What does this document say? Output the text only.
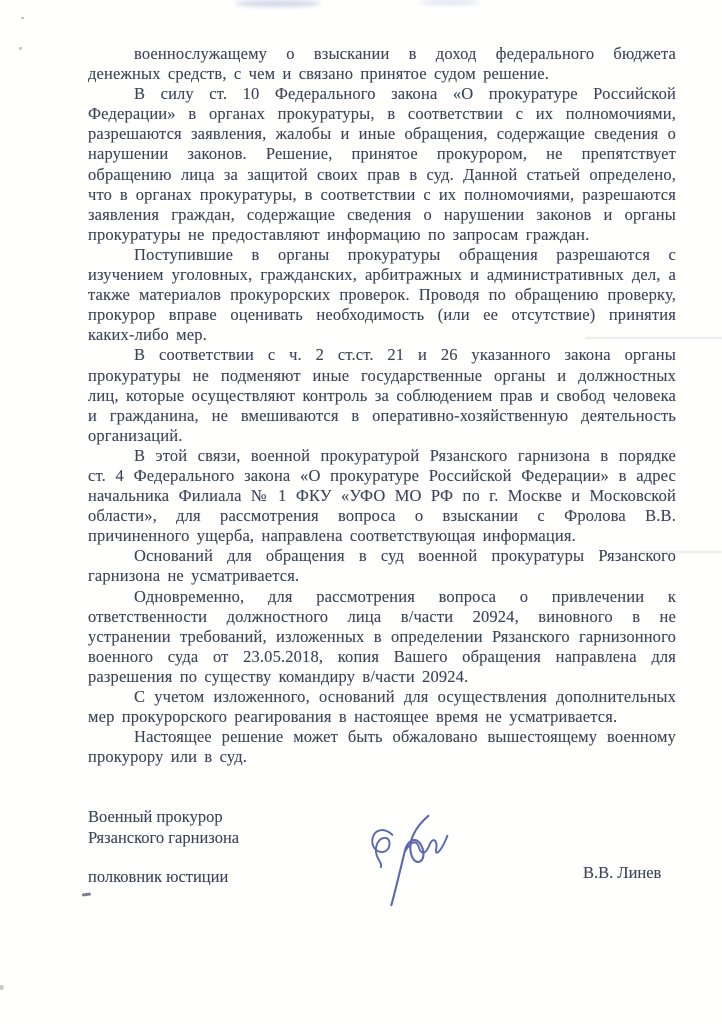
военнослужащему о взыскании в доход федерального бюджета денежных средств, с чем и связано принятое судом решение.

В силу ст. 10 Федерального закона «О прокуратуре Российской Федерации» в органах прокуратуры, в соответствии с их полномочиями, разрешаются заявления, жалобы и иные обращения, содержащие сведения о нарушении законов. Решение, принятое прокурором, не препятствует обращению лица за защитой своих прав в суд. Данной статьей определено, что в органах прокуратуры, в соответствии с их полномочиями, разрешаются заявления граждан, содержащие сведения о нарушении законов и органы прокуратуры не предоставляют информацию по запросам граждан.

Поступившие в органы прокуратуры обращения разрешаются с изучением уголовных, гражданских, арбитражных и административных дел, а также материалов прокурорских проверок. Проводя по обращению проверку, прокурор вправе оценивать необходимость (или ее отсутствие) принятия каких-либо мер.

В соответствии с ч. 2 ст.ст. 21 и 26 указанного закона органы прокуратуры не подменяют иные государственные органы и должностных лиц, которые осуществляют контроль за соблюдением прав и свобод человека и гражданина, не вмешиваются в оперативно-хозяйственную деятельность организаций.

В этой связи, военной прокуратурой Рязанского гарнизона в порядке ст. 4 Федерального закона «О прокуратуре Российской Федерации» в адрес начальника Филиала № 1 ФКУ «УФО МО РФ по г. Москве и Московской области», для рассмотрения вопроса о взыскании с Фролова В.В. причиненного ущерба, направлена соответствующая информация.

Оснований для обращения в суд военной прокуратуры Рязанского гарнизона не усматривается.

Одновременно, для рассмотрения вопроса о привлечении к ответственности должностного лица в/части 20924, виновного в не устранении требований, изложенных в определении Рязанского гарнизонного военного суда от 23.05.2018, копия Вашего обращения направлена для разрешения по существу командиру в/части 20924.

С учетом изложенного, оснований для осуществления дополнительных мер прокурорского реагирования в настоящее время не усматривается.

Настоящее решение может быть обжаловано вышестоящему военному прокурору или в суд.

Военный прокурор

Рязанского гарнизона

полковник юстиции	В.В. Линев
